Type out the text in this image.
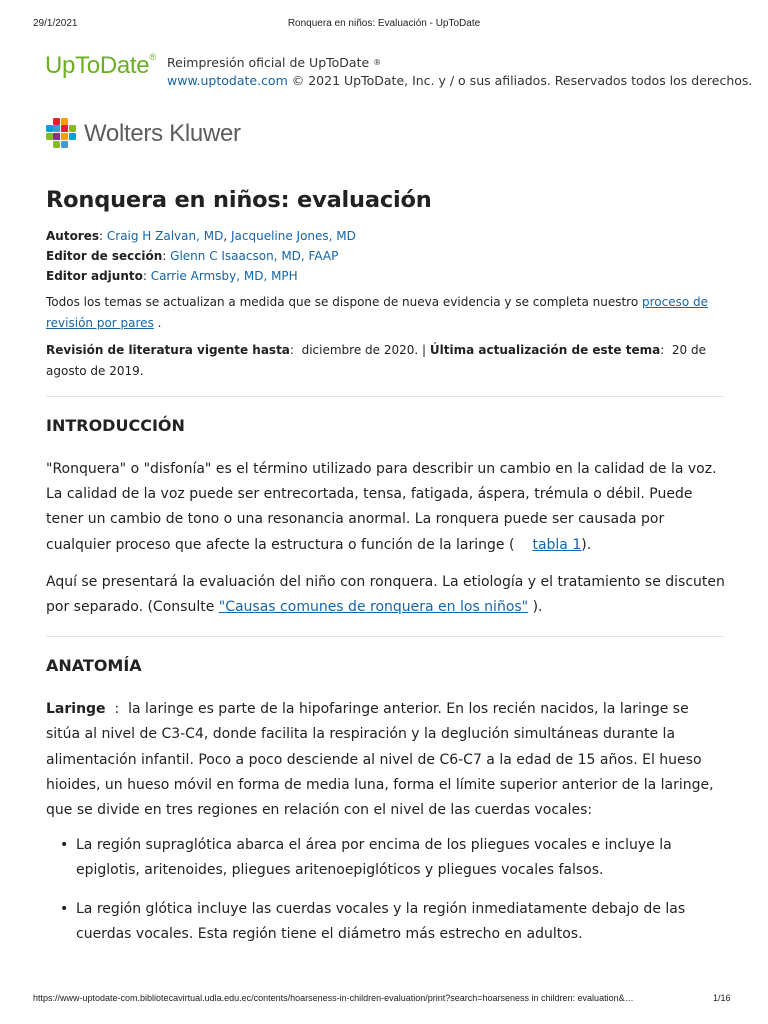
29/1/2021	Ronquera en niños: Evaluación - UpToDate
UpToDate® Reimpresión oficial de UpToDate ®
www.uptodate.com © 2021 UpToDate, Inc. y / o sus afiliados. Reservados todos los derechos.
Wolters Kluwer
Ronquera en niños: evaluación
Autores: Craig H Zalvan, MD, Jacqueline Jones, MD
Editor de sección: Glenn C Isaacson, MD, FAAP
Editor adjunto: Carrie Armsby, MD, MPH
Todos los temas se actualizan a medida que se dispone de nueva evidencia y se completa nuestro proceso de revisión por pares .
Revisión de literatura vigente hasta:  diciembre de 2020. | Última actualización de este tema:  20 de agosto de 2019.
INTRODUCCIÓN

"Ronquera" o "disfonía" es el término utilizado para describir un cambio en la calidad de la voz. La calidad de la voz puede ser entrecortada, tensa, fatigada, áspera, trémula o débil. Puede tener un cambio de tono o una resonancia anormal. La ronquera puede ser causada por cualquier proceso que afecte la estructura o función de la laringe ( tabla 1).

Aquí se presentará la evaluación del niño con ronquera. La etiología y el tratamiento se discuten por separado. (Consulte "Causas comunes de ronquera en los niños" ).

ANATOMÍA

Laringe : la laringe es parte de la hipofaringe anterior. En los recién nacidos, la laringe se sitúa al nivel de C3-C4, donde facilita la respiración y la deglución simultáneas durante la alimentación infantil. Poco a poco desciende al nivel de C6-C7 a la edad de 15 años. El hueso hioides, un hueso móvil en forma de media luna, forma el límite superior anterior de la laringe, que se divide en tres regiones en relación con el nivel de las cuerdas vocales:

• La región supraglótica abarca el área por encima de los pliegues vocales e incluye la epiglotis, aritenoides, pliegues aritenoepiglóticos y pliegues vocales falsos.
• La región glótica incluye las cuerdas vocales y la región inmediatamente debajo de las cuerdas vocales. Esta región tiene el diámetro más estrecho en adultos.
https://www-uptodate-com.bibliotecavirtual.udla.edu.ec/contents/hoarseness-in-children-evaluation/print?search=hoarseness in children: evaluation&…	1/16
